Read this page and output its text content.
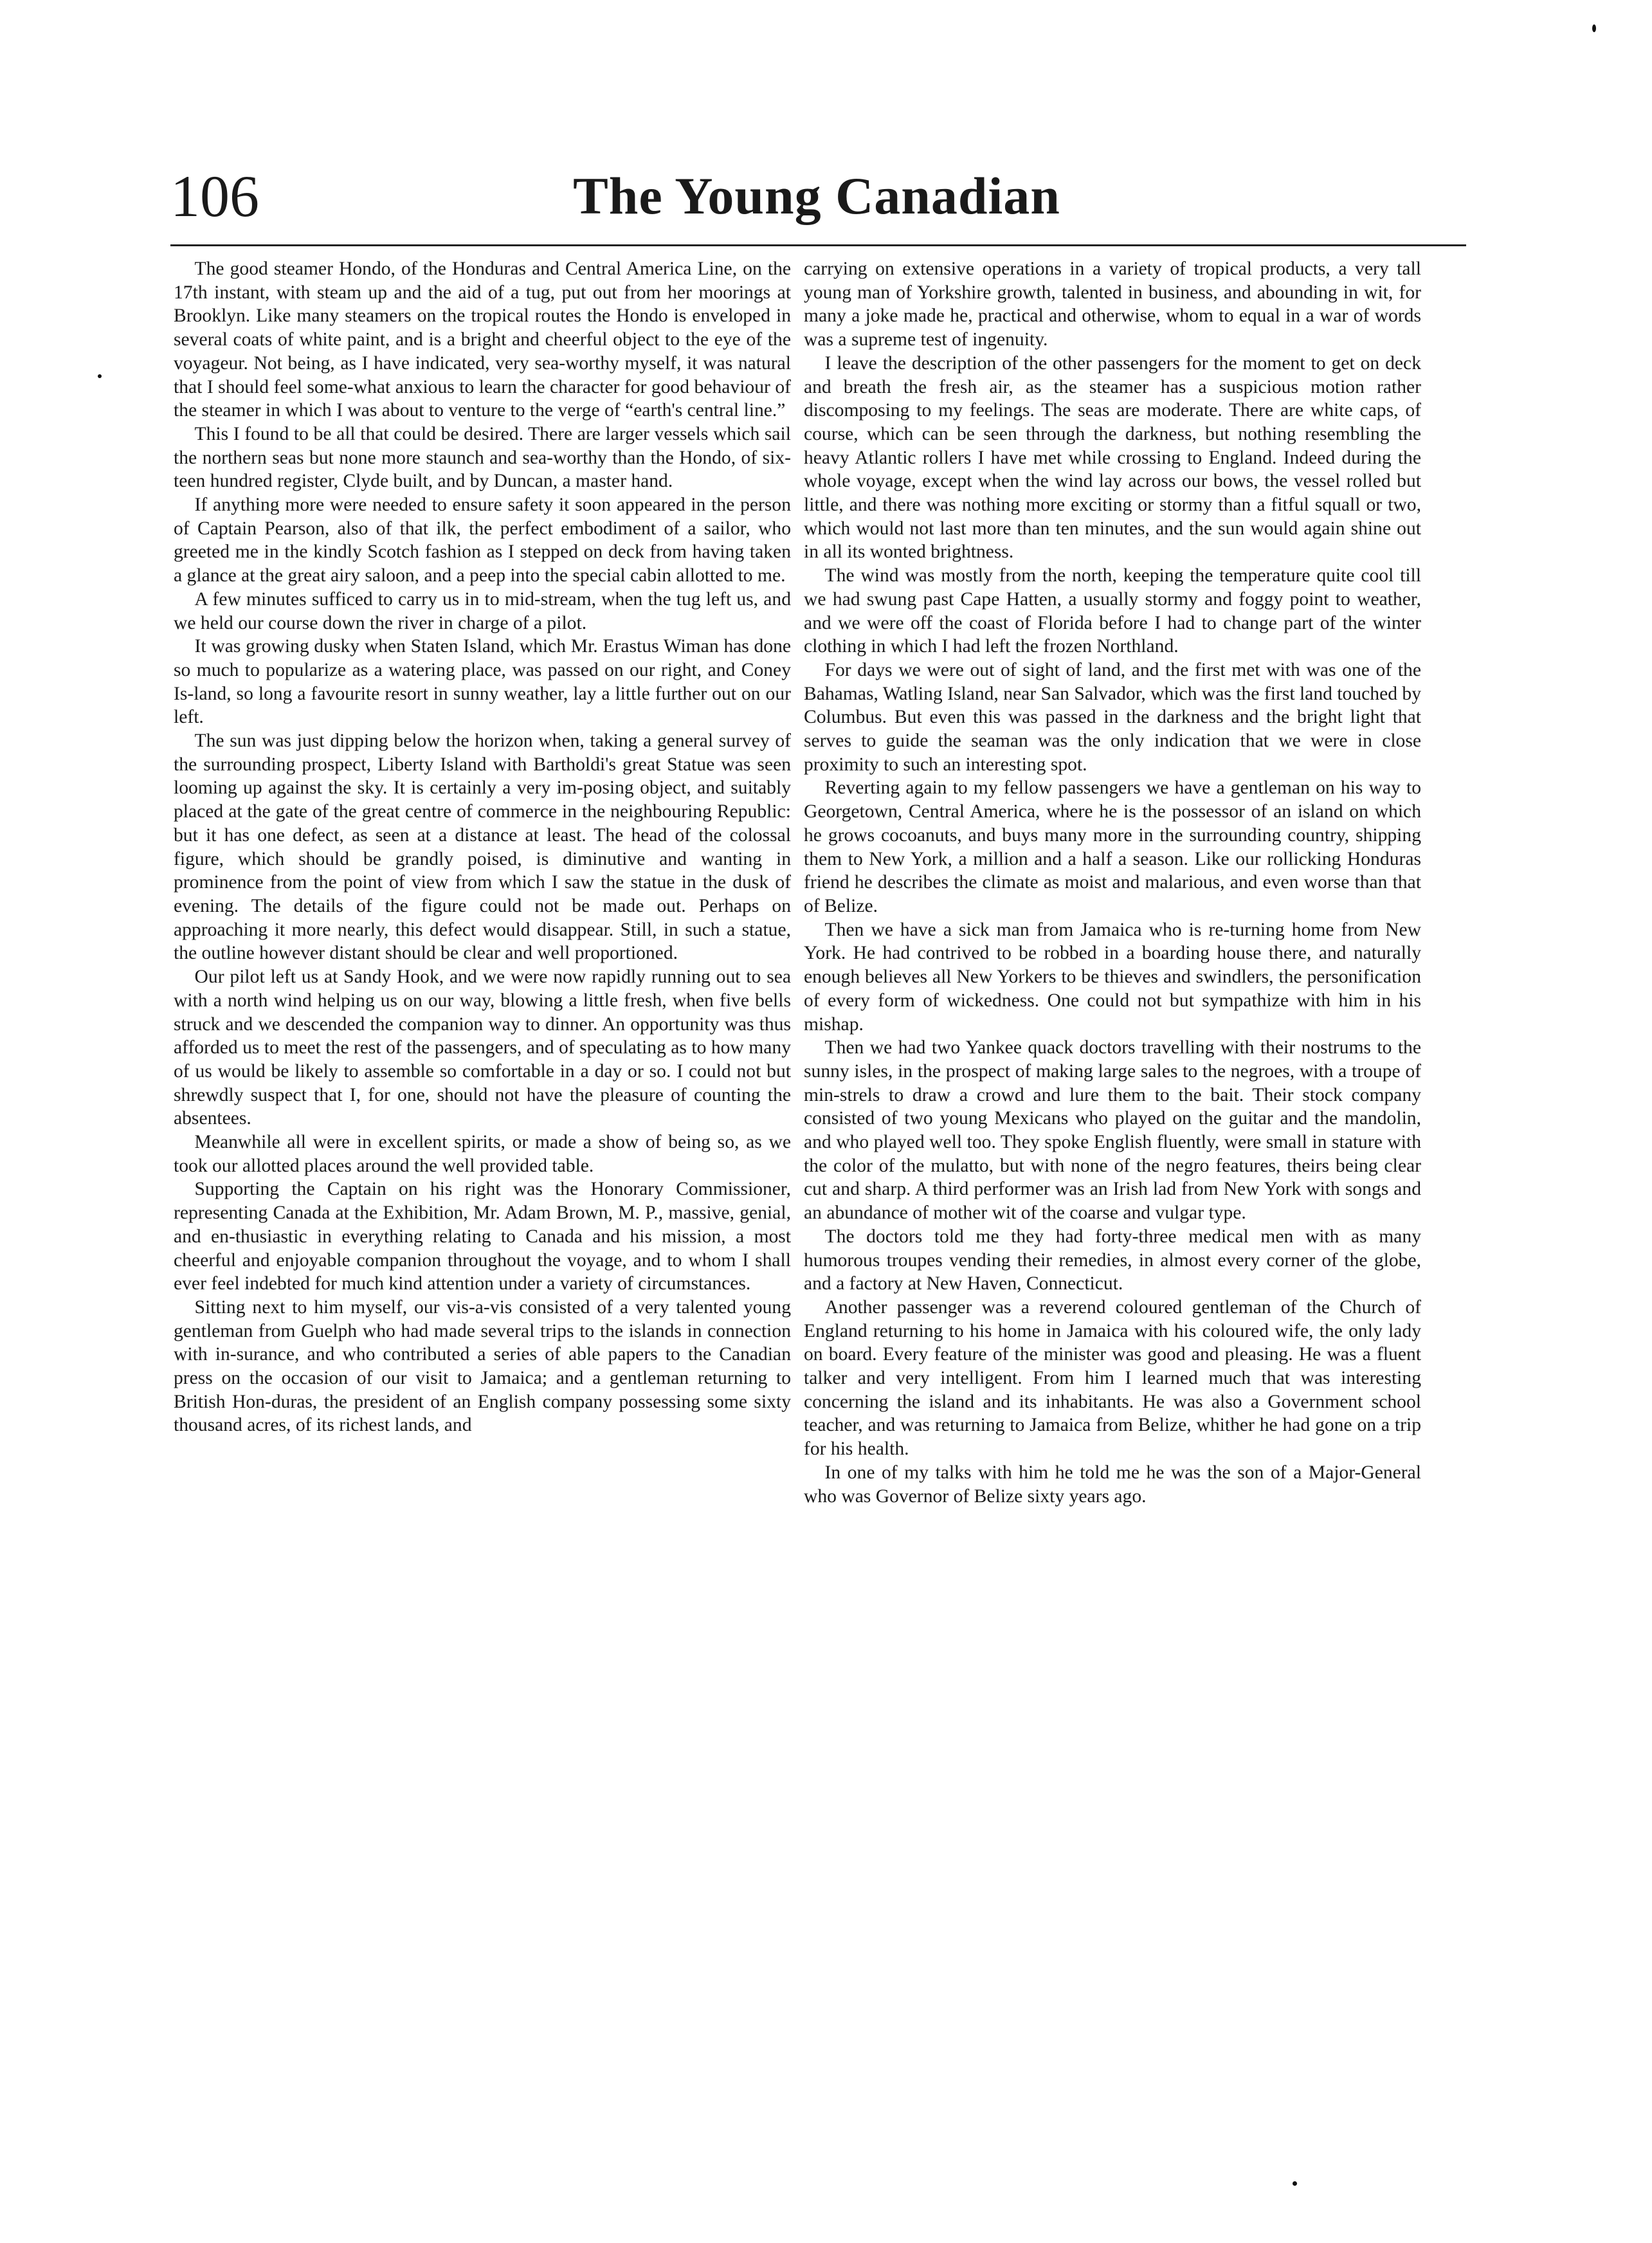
106	The Young Canadian

The good steamer Hondo, of the Honduras and Central America Line, on the 17th instant, with steam up and the aid of a tug, put out from her moorings at Brooklyn. Like many steamers on the tropical routes the Hondo is enveloped in several coats of white paint, and is a bright and cheerful object to the eye of the voyageur. Not being, as I have indicated, very sea-worthy myself, it was natural that I should feel some-what anxious to learn the character for good behaviour of the steamer in which I was about to venture to the verge of “earth's central line.”

This I found to be all that could be desired. There are larger vessels which sail the northern seas but none more staunch and sea-worthy than the Hondo, of six-teen hundred register, Clyde built, and by Duncan, a master hand.

If anything more were needed to ensure safety it soon appeared in the person of Captain Pearson, also of that ilk, the perfect embodiment of a sailor, who greeted me in the kindly Scotch fashion as I stepped on deck from having taken a glance at the great airy saloon, and a peep into the special cabin allotted to me.

A few minutes sufficed to carry us in to mid-stream, when the tug left us, and we held our course down the river in charge of a pilot.

It was growing dusky when Staten Island, which Mr. Erastus Wiman has done so much to popularize as a watering place, was passed on our right, and Coney Is-land, so long a favourite resort in sunny weather, lay a little further out on our left.

The sun was just dipping below the horizon when, taking a general survey of the surrounding prospect, Liberty Island with Bartholdi's great Statue was seen looming up against the sky. It is certainly a very im-posing object, and suitably placed at the gate of the great centre of commerce in the neighbouring Republic: but it has one defect, as seen at a distance at least. The head of the colossal figure, which should be grandly poised, is diminutive and wanting in prominence from the point of view from which I saw the statue in the dusk of evening. The details of the figure could not be made out. Perhaps on approaching it more nearly, this defect would disappear. Still, in such a statue, the outline however distant should be clear and well proportioned.

Our pilot left us at Sandy Hook, and we were now rapidly running out to sea with a north wind helping us on our way, blowing a little fresh, when five bells struck and we descended the companion way to dinner. An opportunity was thus afforded us to meet the rest of the passengers, and of speculating as to how many of us would be likely to assemble so comfortable in a day or so. I could not but shrewdly suspect that I, for one, should not have the pleasure of counting the absentees.

Meanwhile all were in excellent spirits, or made a show of being so, as we took our allotted places around the well provided table.

Supporting the Captain on his right was the Honorary Commissioner, representing Canada at the Exhibition, Mr. Adam Brown, M. P., massive, genial, and en-thusiastic in everything relating to Canada and his mission, a most cheerful and enjoyable companion throughout the voyage, and to whom I shall ever feel indebted for much kind attention under a variety of circumstances.

Sitting next to him myself, our vis-a-vis consisted of a very talented young gentleman from Guelph who had made several trips to the islands in connection with in-surance, and who contributed a series of able papers to the Canadian press on the occasion of our visit to Jamaica; and a gentleman returning to British Hon-duras, the president of an English company possessing some sixty thousand acres, of its richest lands, and

carrying on extensive operations in a variety of tropical products, a very tall young man of Yorkshire growth, talented in business, and abounding in wit, for many a joke made he, practical and otherwise, whom to equal in a war of words was a supreme test of ingenuity.

I leave the description of the other passengers for the moment to get on deck and breath the fresh air, as the steamer has a suspicious motion rather discomposing to my feelings. The seas are moderate. There are white caps, of course, which can be seen through the darkness, but nothing resembling the heavy Atlantic rollers I have met while crossing to England. Indeed during the whole voyage, except when the wind lay across our bows, the vessel rolled but little, and there was nothing more exciting or stormy than a fitful squall or two, which would not last more than ten minutes, and the sun would again shine out in all its wonted brightness.

The wind was mostly from the north, keeping the temperature quite cool till we had swung past Cape Hatten, a usually stormy and foggy point to weather, and we were off the coast of Florida before I had to change part of the winter clothing in which I had left the frozen Northland.

For days we were out of sight of land, and the first met with was one of the Bahamas, Watling Island, near San Salvador, which was the first land touched by Columbus. But even this was passed in the darkness and the bright light that serves to guide the seaman was the only indication that we were in close proximity to such an interesting spot.

Reverting again to my fellow passengers we have a gentleman on his way to Georgetown, Central America, where he is the possessor of an island on which he grows cocoanuts, and buys many more in the surrounding country, shipping them to New York, a million and a half a season. Like our rollicking Honduras friend he describes the climate as moist and malarious, and even worse than that of Belize.

Then we have a sick man from Jamaica who is re-turning home from New York. He had contrived to be robbed in a boarding house there, and naturally enough believes all New Yorkers to be thieves and swindlers, the personification of every form of wickedness. One could not but sympathize with him in his mishap.

Then we had two Yankee quack doctors travelling with their nostrums to the sunny isles, in the prospect of making large sales to the negroes, with a troupe of min-strels to draw a crowd and lure them to the bait. Their stock company consisted of two young Mexicans who played on the guitar and the mandolin, and who played well too. They spoke English fluently, were small in stature with the color of the mulatto, but with none of the negro features, theirs being clear cut and sharp. A third performer was an Irish lad from New York with songs and an abundance of mother wit of the coarse and vulgar type.

The doctors told me they had forty-three medical men with as many humorous troupes vending their remedies, in almost every corner of the globe, and a factory at New Haven, Connecticut.

Another passenger was a reverend coloured gentleman of the Church of England returning to his home in Jamaica with his coloured wife, the only lady on board. Every feature of the minister was good and pleasing. He was a fluent talker and very intelligent. From him I learned much that was interesting concerning the island and its inhabitants. He was also a Government school teacher, and was returning to Jamaica from Belize, whither he had gone on a trip for his health.

In one of my talks with him he told me he was the son of a Major-General who was Governor of Belize sixty years ago.
